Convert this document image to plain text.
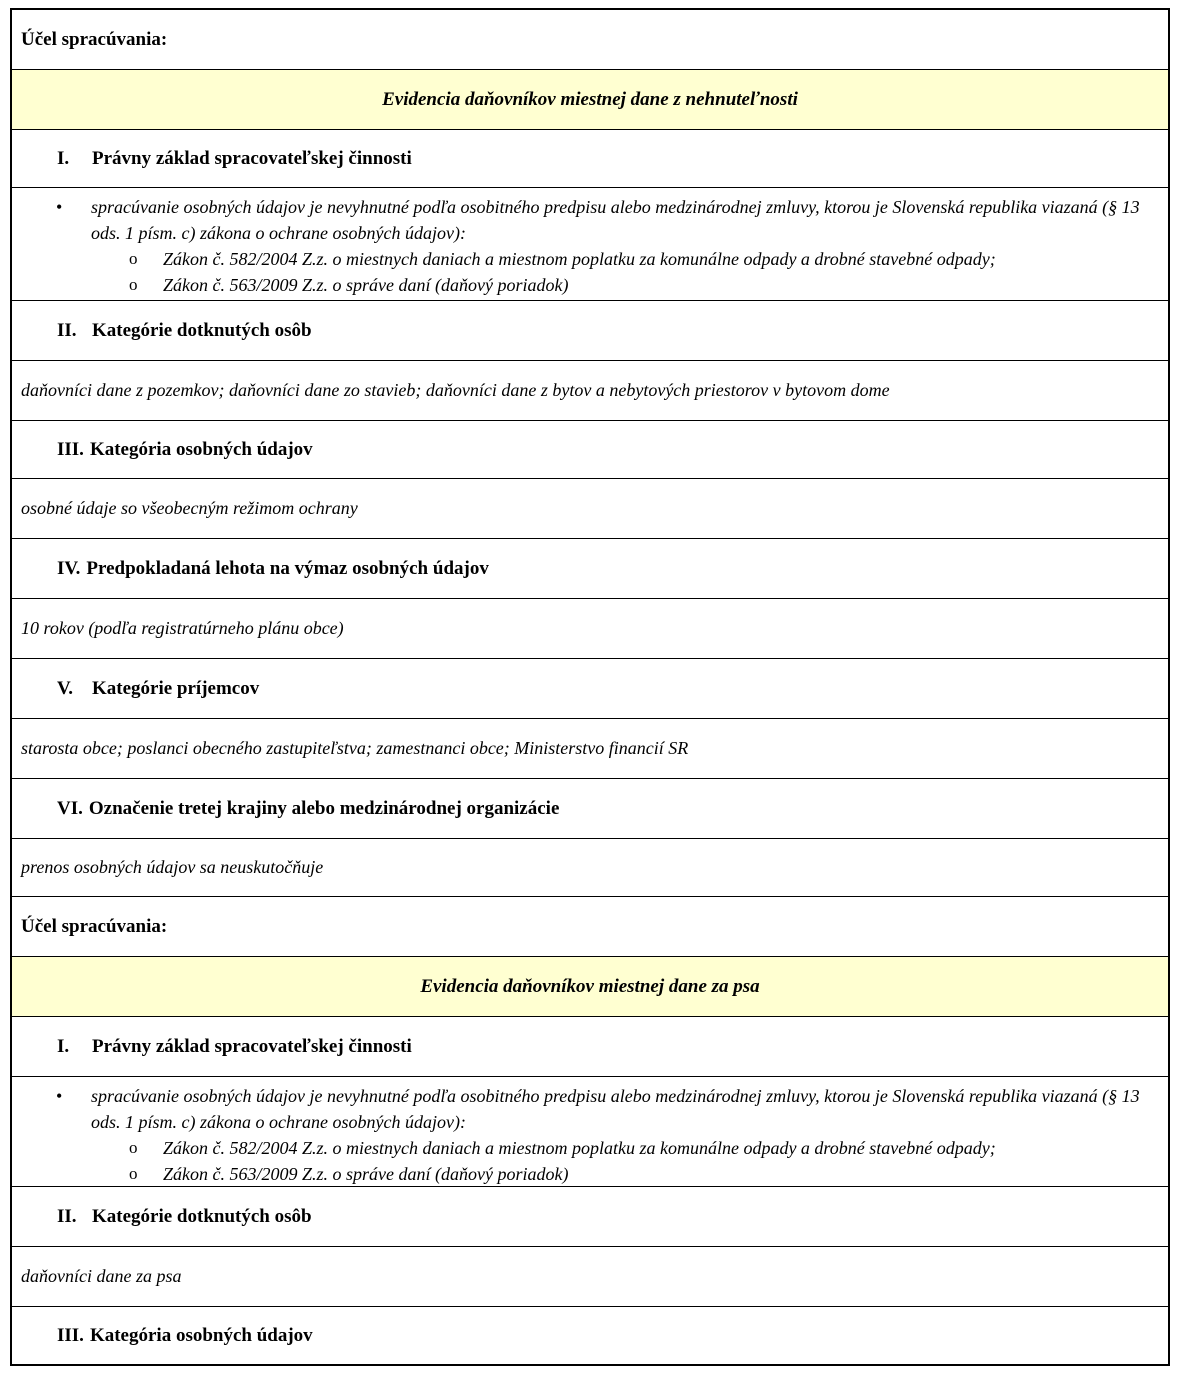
Účel spracúvania:
Evidencia daňovníkov miestnej dane z nehnuteľnosti
I.	Právny základ spracovateľskej činnosti
• spracúvanie osobných údajov je nevyhnutné podľa osobitného predpisu alebo medzinárodnej zmluvy, ktorou je Slovenská republika viazaná (§ 13 ods. 1 písm. c) zákona o ochrane osobných údajov):
o Zákon č. 582/2004 Z.z. o miestnych daniach a miestnom poplatku za komunálne odpady a drobné stavebné odpady;
o Zákon č. 563/2009 Z.z. o správe daní (daňový poriadok)
II. Kategórie dotknutých osôb
daňovníci dane z pozemkov; daňovníci dane zo stavieb; daňovníci dane z bytov a nebytových priestorov v bytovom dome
III. Kategória osobných údajov
osobné údaje so všeobecným režimom ochrany
IV. Predpokladaná lehota na výmaz osobných údajov
10 rokov (podľa registratúrneho plánu obce)
V. Kategórie príjemcov
starosta obce; poslanci obecného zastupiteľstva; zamestnanci obce; Ministerstvo financií SR
VI. Označenie tretej krajiny alebo medzinárodnej organizácie
prenos osobných údajov sa neuskutočňuje
Účel spracúvania:
Evidencia daňovníkov miestnej dane za psa
I.	Právny základ spracovateľskej činnosti
• spracúvanie osobných údajov je nevyhnutné podľa osobitného predpisu alebo medzinárodnej zmluvy, ktorou je Slovenská republika viazaná (§ 13 ods. 1 písm. c) zákona o ochrane osobných údajov):
o Zákon č. 582/2004 Z.z. o miestnych daniach a miestnom poplatku za komunálne odpady a drobné stavebné odpady;
o Zákon č. 563/2009 Z.z. o správe daní (daňový poriadok)
II. Kategórie dotknutých osôb
daňovníci dane za psa
III. Kategória osobných údajov
